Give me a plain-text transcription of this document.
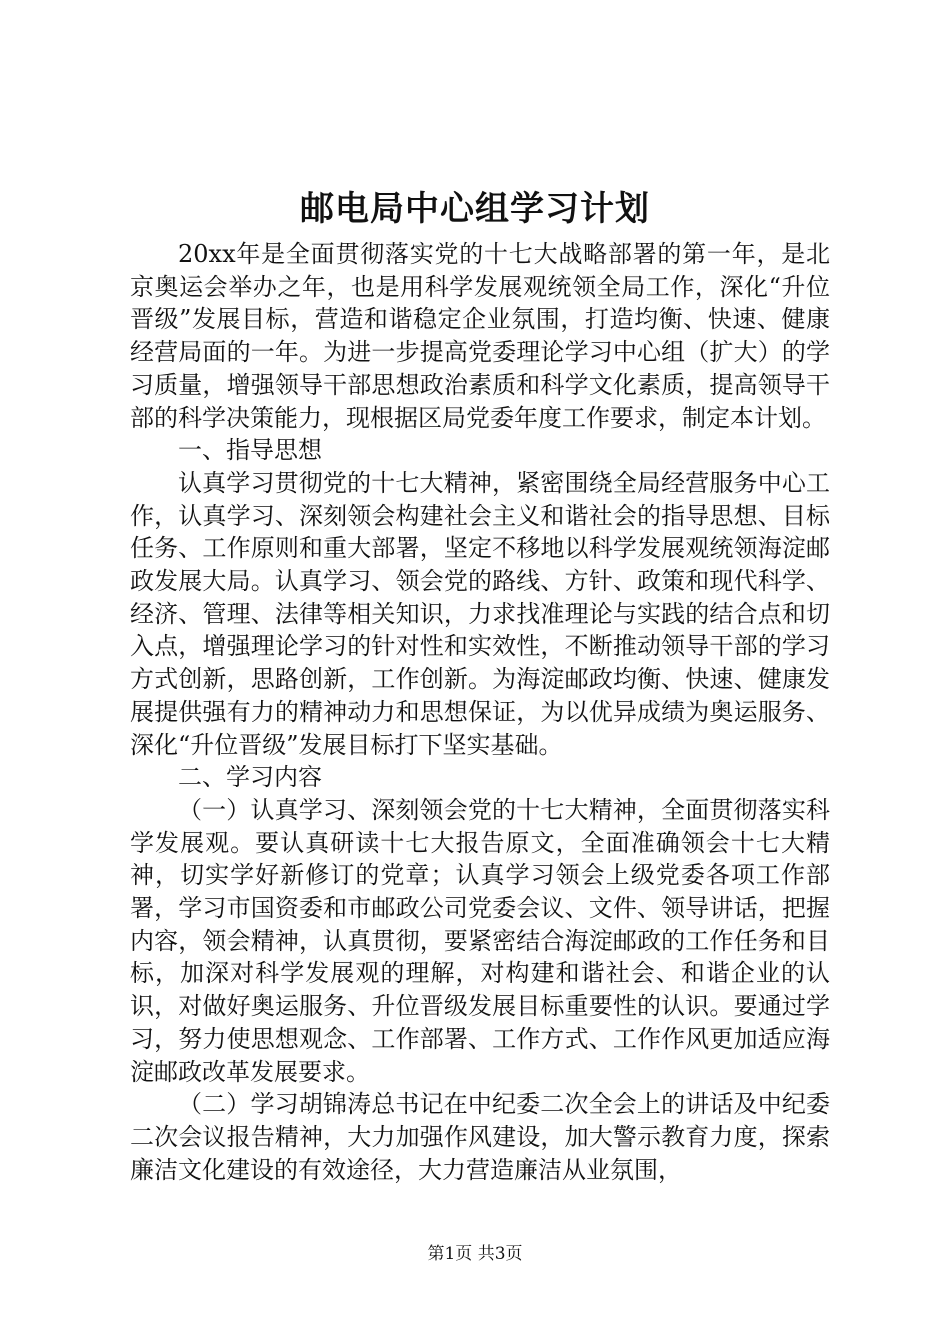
邮电局中心组学习计划

20xx年是全面贯彻落实党的十七大战略部署的第一年，是北京奥运会举办之年，也是用科学发展观统领全局工作，深化“升位晋级”发展目标，营造和谐稳定企业氛围，打造均衡、快速、健康经营局面的一年。为进一步提高党委理论学习中心组（扩大）的学习质量，增强领导干部思想政治素质和科学文化素质，提高领导干部的科学决策能力，现根据区局党委年度工作要求，制定本计划。

一、指导思想

认真学习贯彻党的十七大精神，紧密围绕全局经营服务中心工作，认真学习、深刻领会构建社会主义和谐社会的指导思想、目标任务、工作原则和重大部署，坚定不移地以科学发展观统领海淀邮政发展大局。认真学习、领会党的路线、方针、政策和现代科学、经济、管理、法律等相关知识，力求找准理论与实践的结合点和切入点，增强理论学习的针对性和实效性，不断推动领导干部的学习方式创新，思路创新，工作创新。为海淀邮政均衡、快速、健康发展提供强有力的精神动力和思想保证，为以优异成绩为奥运服务、深化“升位晋级”发展目标打下坚实基础。

二、学习内容

（一）认真学习、深刻领会党的十七大精神，全面贯彻落实科学发展观。要认真研读十七大报告原文，全面准确领会十七大精神，切实学好新修订的党章；认真学习领会上级党委各项工作部署，学习市国资委和市邮政公司党委会议、文件、领导讲话，把握内容，领会精神，认真贯彻，要紧密结合海淀邮政的工作任务和目标，加深对科学发展观的理解，对构建和谐社会、和谐企业的认识，对做好奥运服务、升位晋级发展目标重要性的认识。要通过学习，努力使思想观念、工作部署、工作方式、工作作风更加适应海淀邮政改革发展要求。

（二）学习胡锦涛总书记在中纪委二次全会上的讲话及中纪委二次会议报告精神，大力加强作风建设，加大警示教育力度，探索廉洁文化建设的有效途径，大力营造廉洁从业氛围，

第1页 共3页
